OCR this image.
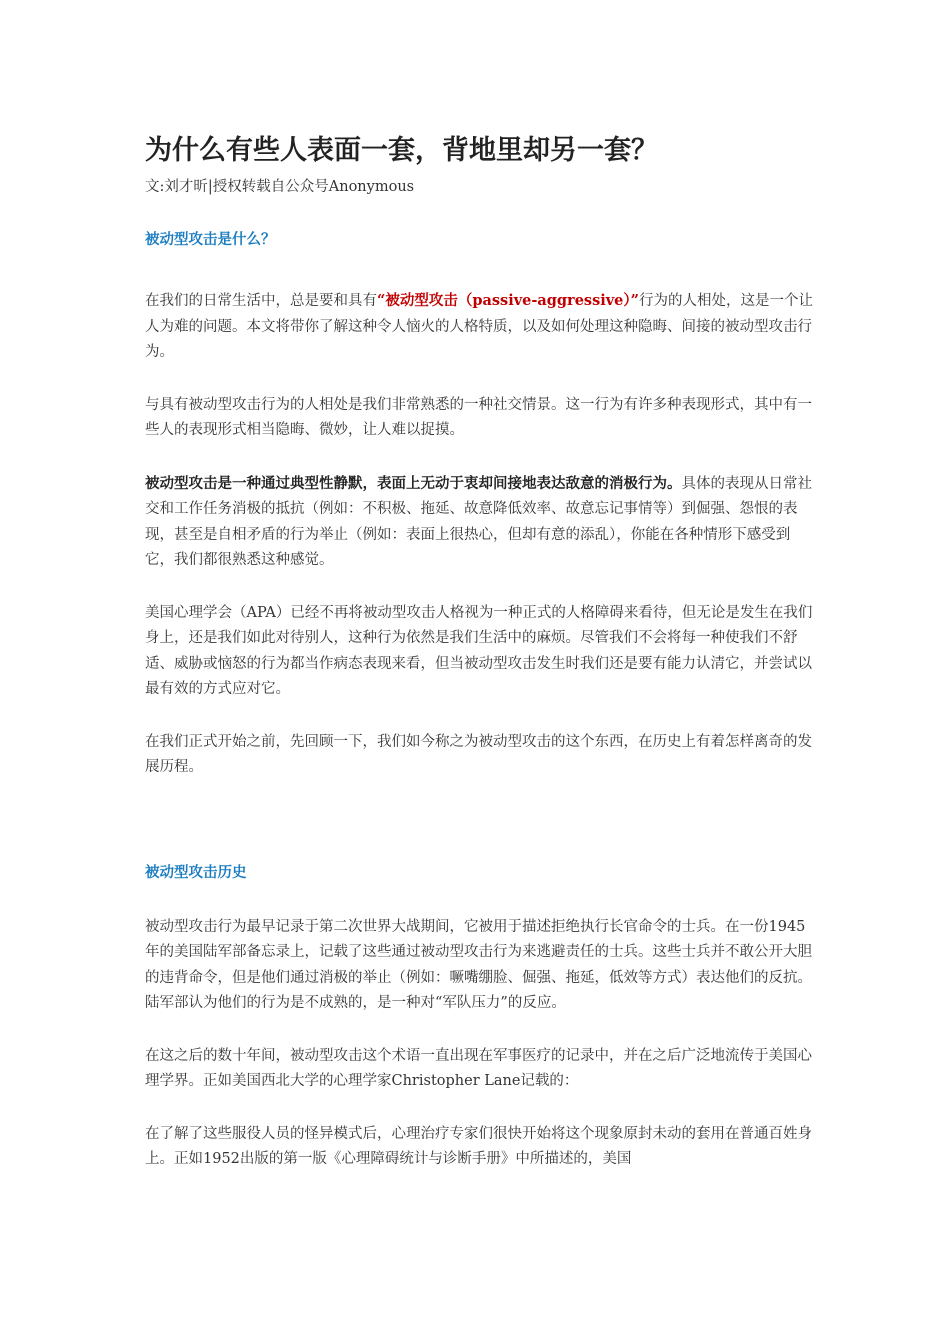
为什么有些人表面一套，背地里却另一套？

文:刘才昕|授权转载自公众号Anonymous

被动型攻击是什么？

在我们的日常生活中，总是要和具有“被动型攻击（passive-aggressive）”行为的人相处，这是一个让人为难的问题。本文将带你了解这种令人恼火的人格特质，以及如何处理这种隐晦、间接的被动型攻击行为。

与具有被动型攻击行为的人相处是我们非常熟悉的一种社交情景。这一行为有许多种表现形式，其中有一些人的表现形式相当隐晦、微妙，让人难以捉摸。

被动型攻击是一种通过典型性静默，表面上无动于衷却间接地表达敌意的消极行为。具体的表现从日常社交和工作任务消极的抵抗（例如：不积极、拖延、故意降低效率、故意忘记事情等）到倔强、怨恨的表现，甚至是自相矛盾的行为举止（例如：表面上很热心，但却有意的添乱），你能在各种情形下感受到它，我们都很熟悉这种感觉。

美国心理学会（APA）已经不再将被动型攻击人格视为一种正式的人格障碍来看待，但无论是发生在我们身上，还是我们如此对待别人，这种行为依然是我们生活中的麻烦。尽管我们不会将每一种使我们不舒适、威胁或恼怒的行为都当作病态表现来看，但当被动型攻击发生时我们还是要有能力认清它，并尝试以最有效的方式应对它。

在我们正式开始之前，先回顾一下，我们如今称之为被动型攻击的这个东西，在历史上有着怎样离奇的发展历程。

被动型攻击历史

被动型攻击行为最早记录于第二次世界大战期间，它被用于描述拒绝执行长官命令的士兵。在一份1945年的美国陆军部备忘录上，记载了这些通过被动型攻击行为来逃避责任的士兵。这些士兵并不敢公开大胆的违背命令，但是他们通过消极的举止（例如：噘嘴绷脸、倔强、拖延，低效等方式）表达他们的反抗。陆军部认为他们的行为是不成熟的，是一种对“军队压力”的反应。

在这之后的数十年间，被动型攻击这个术语一直出现在军事医疗的记录中，并在之后广泛地流传于美国心理学界。正如美国西北大学的心理学家Christopher Lane记载的：

在了解了这些服役人员的怪异模式后，心理治疗专家们很快开始将这个现象原封未动的套用在普通百姓身上。正如1952出版的第一版《心理障碍统计与诊断手册》中所描述的，美国
